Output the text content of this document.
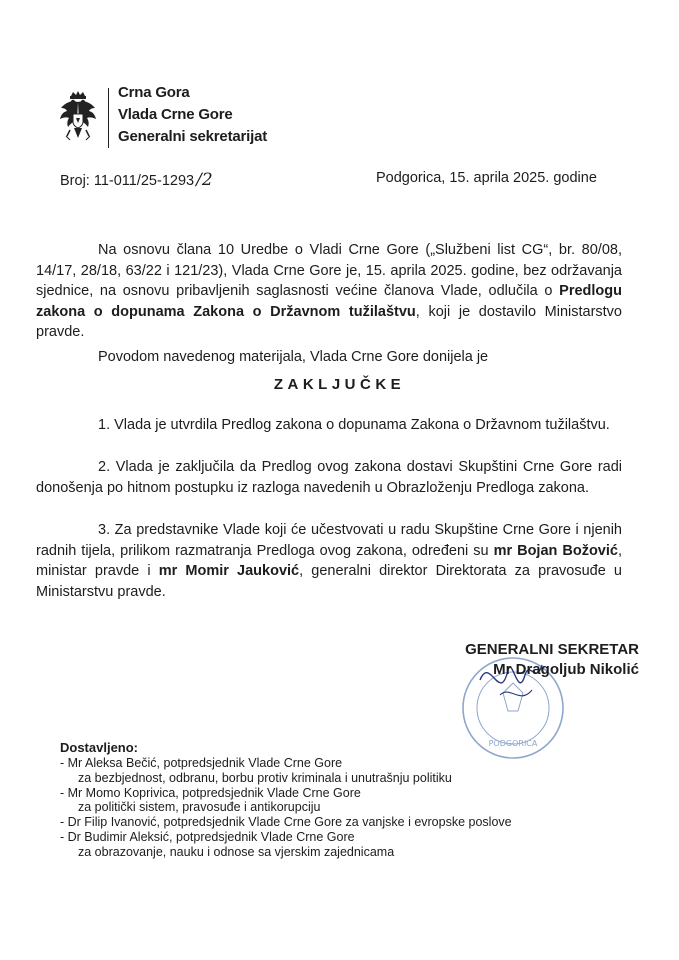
Crna Gora
Vlada Crne Gore
Generalni sekretarijat
Broj: 11-011/25-1293 /2	Podgorica, 15. aprila 2025. godine
Na osnovu člana 10 Uredbe o Vladi Crne Gore („Službeni list CG“, br. 80/08, 14/17, 28/18, 63/22 i 121/23), Vlada Crne Gore je, 15. aprila 2025. godine, bez održavanja sjednice, na osnovu pribavljenih saglasnosti većine članova Vlade, odlučila o Predlogu zakona o dopunama Zakona o Državnom tužilaštvu, koji je dostavilo Ministarstvo pravde.
Povodom navedenog materijala, Vlada Crne Gore donijela je
ZAKLJUČKE
1. Vlada je utvrdila Predlog zakona o dopunama Zakona o Državnom tužilaštvu.
2. Vlada je zaključila da Predlog ovog zakona dostavi Skupštini Crne Gore radi donošenja po hitnom postupku iz razloga navedenih u Obrazloženju Predloga zakona.
3. Za predstavnike Vlade koji će učestvovati u radu Skupštine Crne Gore i njenih radnih tijela, prilikom razmatranja Predloga ovog zakona, određeni su mr Bojan Božović, ministar pravde i mr Momir Jauković, generalni direktor Direktorata za pravosuđe u Ministarstvu pravde.
PODGORICA
GENERALNI SEKRETAR
Mr Dragoljub Nikolić
Dostavljeno:
- Mr Aleksa Bečić, potpredsjednik Vlade Crne Gore
za bezbjednost, odbranu, borbu protiv kriminala i unutrašnju politiku
- Mr Momo Koprivica, potpredsjednik Vlade Crne Gore
za politički sistem, pravosuđe i antikorupciju
- Dr Filip Ivanović, potpredsjednik Vlade Crne Gore za vanjske i evropske poslove
- Dr Budimir Aleksić, potpredsjednik Vlade Crne Gore
za obrazovanje, nauku i odnose sa vjerskim zajednicama
